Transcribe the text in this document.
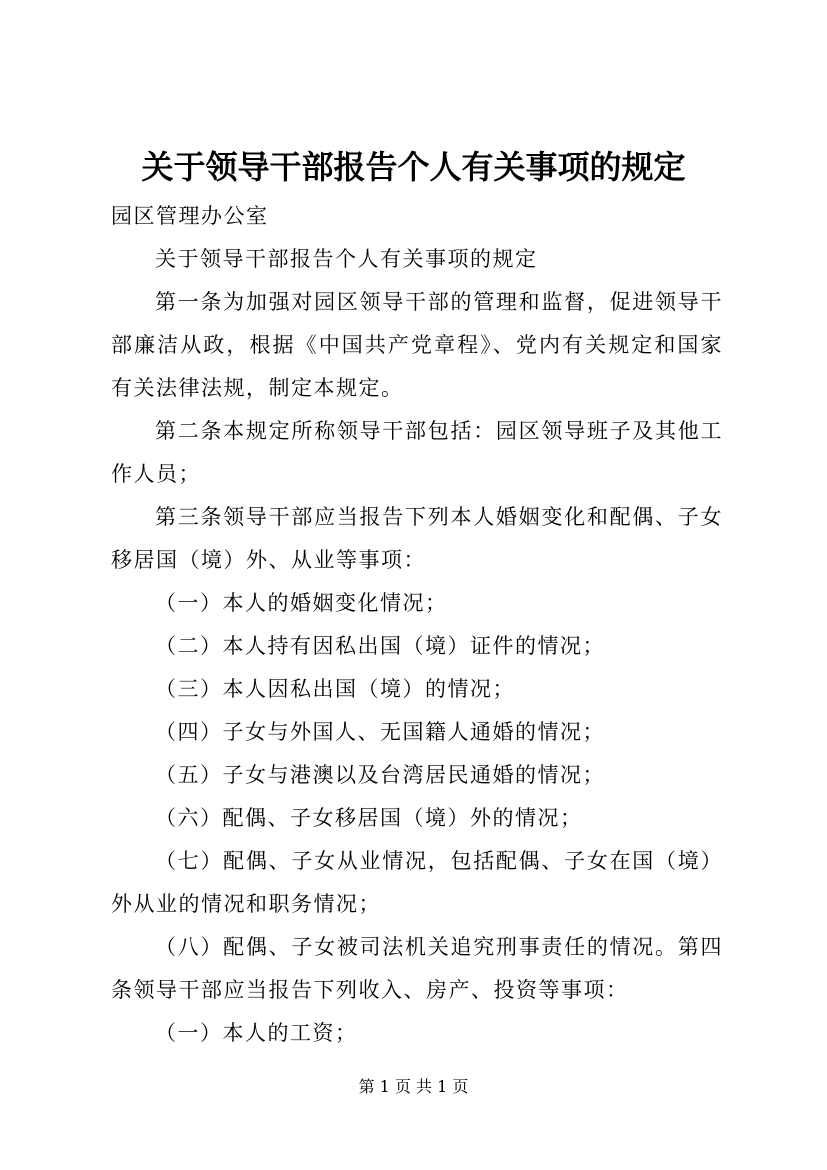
关于领导干部报告个人有关事项的规定

园区管理办公室

关于领导干部报告个人有关事项的规定

第一条为加强对园区领导干部的管理和监督，促进领导干部廉洁从政，根据《中国共产党章程》、党内有关规定和国家有关法律法规，制定本规定。

第二条本规定所称领导干部包括：园区领导班子及其他工作人员；

第三条领导干部应当报告下列本人婚姻变化和配偶、子女移居国（境）外、从业等事项：

（一）本人的婚姻变化情况；

（二）本人持有因私出国（境）证件的情况；

（三）本人因私出国（境）的情况；

（四）子女与外国人、无国籍人通婚的情况；

（五）子女与港澳以及台湾居民通婚的情况；

（六）配偶、子女移居国（境）外的情况；

（七）配偶、子女从业情况，包括配偶、子女在国（境）外从业的情况和职务情况；

（八）配偶、子女被司法机关追究刑事责任的情况。第四条领导干部应当报告下列收入、房产、投资等事项：

（一）本人的工资；

第 1 页 共 1 页
